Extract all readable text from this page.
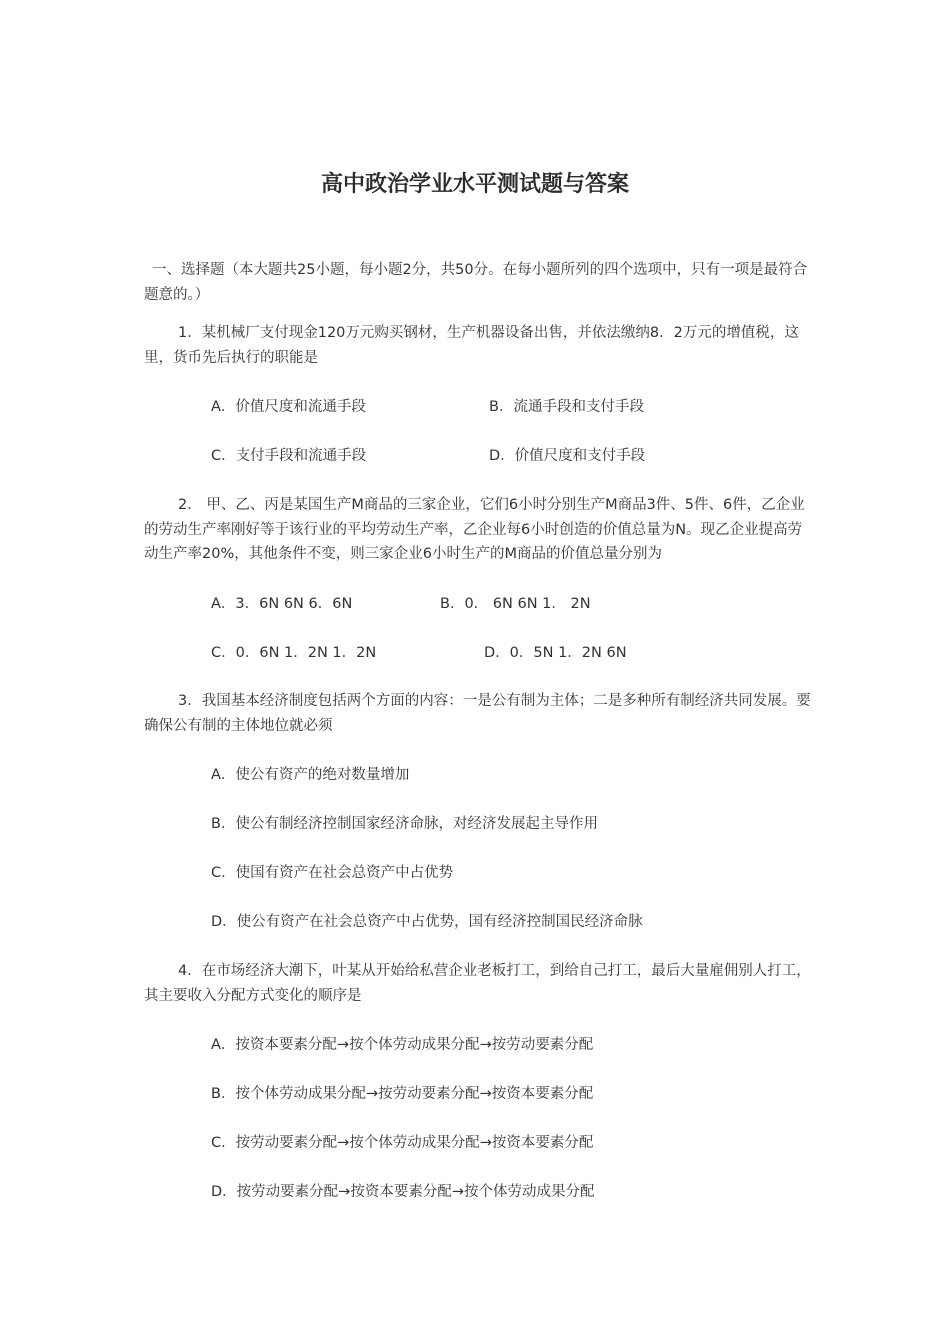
高中政治学业水平测试题与答案

一、选择题（本大题共25小题，每小题2分，共50分。在每小题所列的四个选项中，只有一项是最符合题意的。）

1．某机械厂支付现金120万元购买钢材，生产机器设备出售，并依法缴纳8．2万元的增值税，这里，货币先后执行的职能是

A．价值尺度和流通手段	B．流通手段和支付手段
C．支付手段和流通手段	D．价值尺度和支付手段

2． 甲、乙、丙是某国生产M商品的三家企业，它们6小时分别生产M商品3件、5件、6件，乙企业的劳动生产率刚好等于该行业的平均劳动生产率，乙企业每6小时创造的价值总量为N。现乙企业提高劳动生产率20%，其他条件不变，则三家企业6小时生产的M商品的价值总量分别为

A．3．6N 6N 6．6N	B．0． 6N 6N 1． 2N
C．0．6N 1．2N 1．2N	D．0．5N 1．2N 6N

3．我国基本经济制度包括两个方面的内容：一是公有制为主体；二是多种所有制经济共同发展。要确保公有制的主体地位就必须

A．使公有资产的绝对数量增加
B．使公有制经济控制国家经济命脉，对经济发展起主导作用
C．使国有资产在社会总资产中占优势
D．使公有资产在社会总资产中占优势，国有经济控制国民经济命脉

4．在市场经济大潮下，叶某从开始给私营企业老板打工，到给自己打工，最后大量雇佣别人打工，其主要收入分配方式变化的顺序是

A．按资本要素分配→按个体劳动成果分配→按劳动要素分配
B．按个体劳动成果分配→按劳动要素分配→按资本要素分配
C．按劳动要素分配→按个体劳动成果分配→按资本要素分配
D．按劳动要素分配→按资本要素分配→按个体劳动成果分配
